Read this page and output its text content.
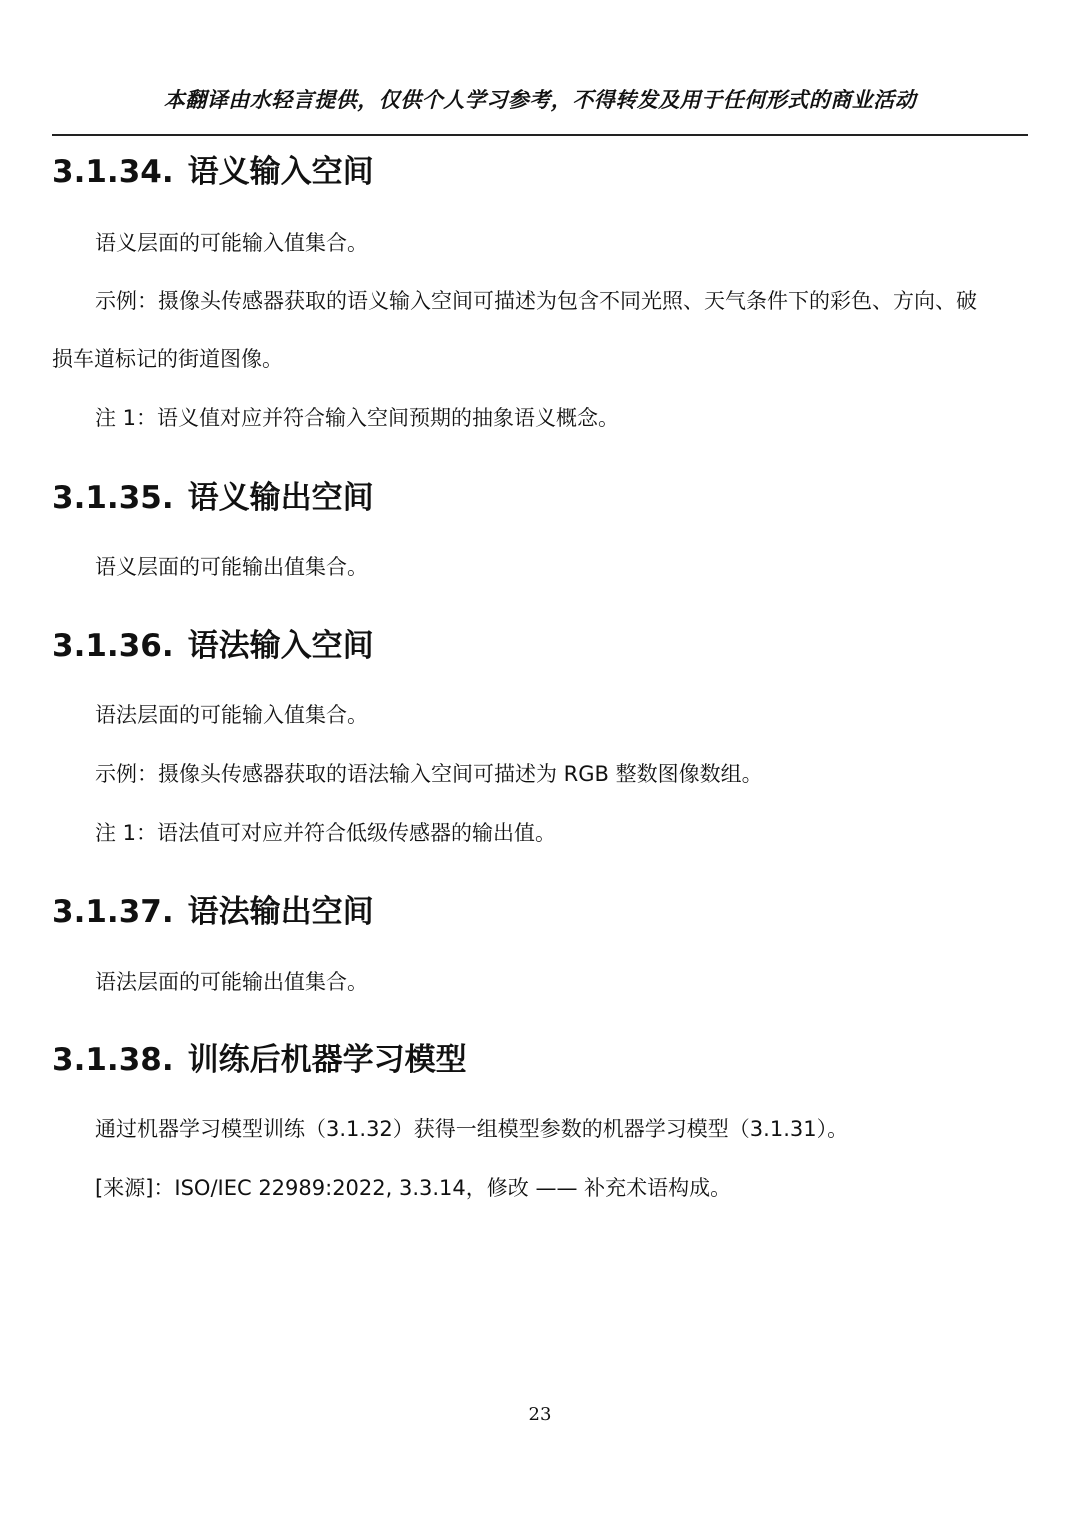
本翻译由水轻言提供，仅供个人学习参考，不得转发及用于任何形式的商业活动
3.1.34. 语义输入空间
语义层面的可能输入值集合。
示例：摄像头传感器获取的语义输入空间可描述为包含不同光照、天气条件下的彩色、方向、破
损车道标记的街道图像。
注 1：语义值对应并符合输入空间预期的抽象语义概念。
3.1.35. 语义输出空间
语义层面的可能输出值集合。
3.1.36. 语法输入空间
语法层面的可能输入值集合。
示例：摄像头传感器获取的语法输入空间可描述为 RGB 整数图像数组。
注 1：语法值可对应并符合低级传感器的输出值。
3.1.37. 语法输出空间
语法层面的可能输出值集合。
3.1.38. 训练后机器学习模型
通过机器学习模型训练（3.1.32）获得一组模型参数的机器学习模型（3.1.31）。
[来源]：ISO/IEC 22989:2022, 3.3.14，修改 —— 补充术语构成。
23
